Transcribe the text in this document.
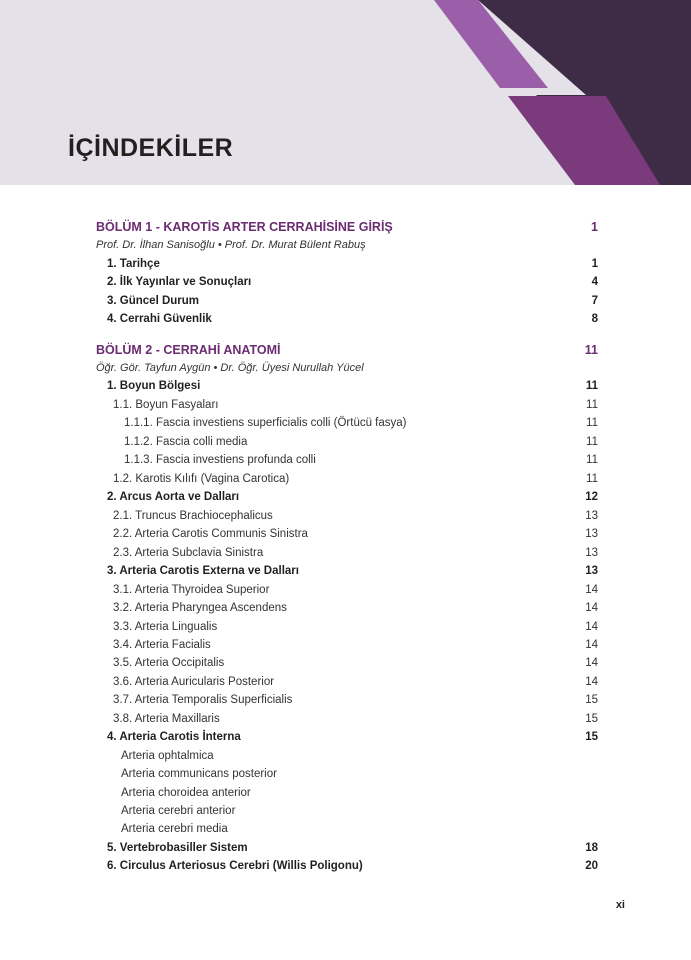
İÇİNDEKİLER
BÖLÜM 1 - KAROTİS ARTER CERRAHİSİNE GİRİŞ	1
Prof. Dr. İlhan Sanisoğlu • Prof. Dr. Murat Bülent Rabuş
1. Tarihçe	1
2. İlk Yayınlar ve Sonuçları	4
3. Güncel Durum	7
4. Cerrahi Güvenlik	8
BÖLÜM 2 - CERRAHİ ANATOMİ	11
Öğr. Gör. Tayfun Aygün • Dr. Öğr. Üyesi Nurullah Yücel
1. Boyun Bölgesi	11
1.1. Boyun Fasyaları	11
1.1.1. Fascia investiens superficialis colli (Örtücü fasya)	11
1.1.2. Fascia colli media	11
1.1.3. Fascia investiens profunda colli	11
1.2. Karotis Kılıfı (Vagina Carotica)	11
2. Arcus Aorta ve Dalları	12
2.1. Truncus Brachiocephalicus	13
2.2. Arteria Carotis Communis Sinistra	13
2.3. Arteria Subclavia Sinistra	13
3. Arteria Carotis Externa ve Dalları	13
3.1. Arteria Thyroidea Superior	14
3.2. Arteria Pharyngea Ascendens	14
3.3. Arteria Lingualis	14
3.4. Arteria Facialis	14
3.5. Arteria Occipitalis	14
3.6. Arteria Auricularis Posterior	14
3.7. Arteria Temporalis Superficialis	15
3.8. Arteria Maxillaris	15
4. Arteria Carotis İnterna	15
Arteria ophtalmica
Arteria communicans posterior
Arteria choroidea anterior
Arteria cerebri anterior
Arteria cerebri media
5. Vertebrobasiller Sistem	18
6. Circulus Arteriosus Cerebri (Willis Poligonu)	20
xi
